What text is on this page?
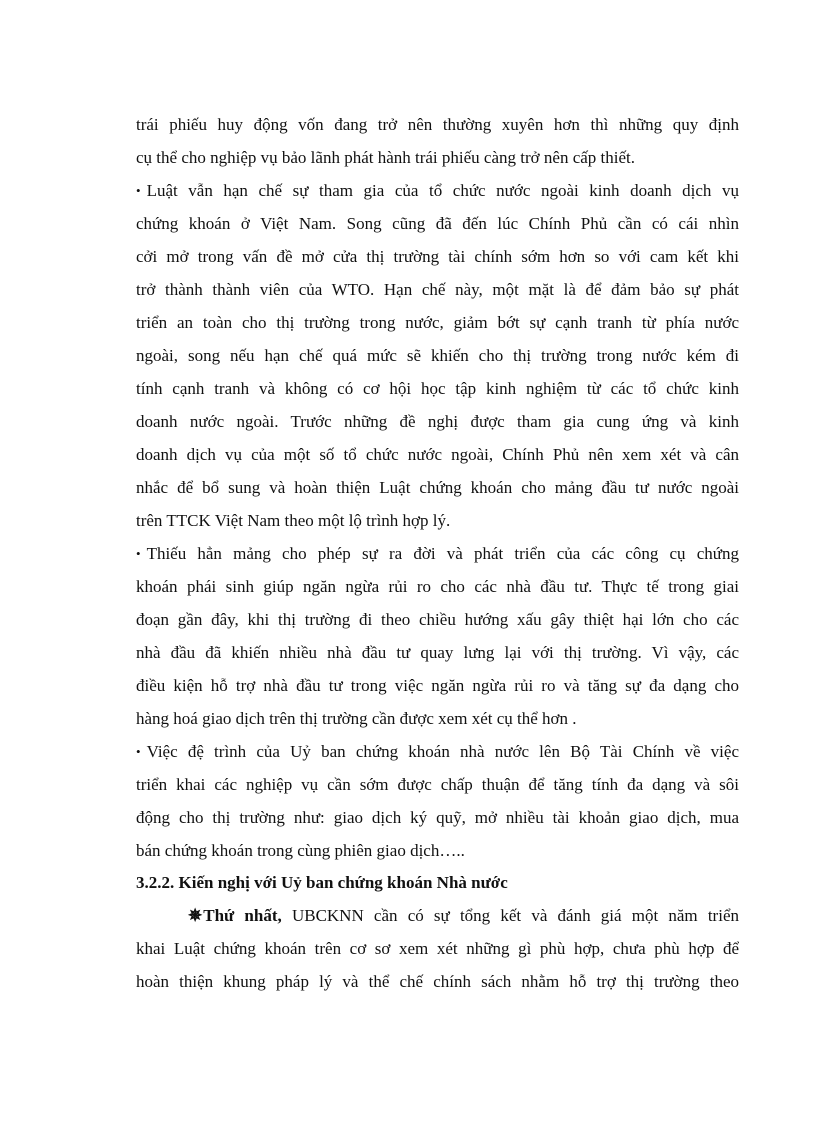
trái phiếu huy động vốn đang trở nên thường xuyên hơn thì những quy định
cụ thể cho nghiệp vụ bảo lãnh phát hành trái phiếu càng trở nên cấp thiết.
• Luật vẫn hạn chế sự tham gia của tổ chức nước ngoài kinh doanh dịch vụ
chứng khoán ở Việt Nam. Song cũng đã đến lúc Chính Phủ cần có cái nhìn
cởi mở trong vấn đề mở cửa thị trường tài chính sớm hơn so với cam kết khi
trở thành thành viên của WTO. Hạn chế này, một mặt là để đảm bảo sự phát
triển an toàn cho thị trường trong nước, giảm bớt sự cạnh tranh từ phía nước
ngoài, song nếu hạn chế quá mức sẽ khiến cho thị trường trong nước kém đi
tính cạnh tranh và không có cơ hội học tập kinh nghiệm từ các tổ chức kinh
doanh nước ngoài. Trước những đề nghị được tham gia cung ứng và kinh
doanh dịch vụ của một số tổ chức nước ngoài, Chính Phủ nên xem xét và cân
nhắc để bổ sung và hoàn thiện Luật chứng khoán cho mảng đầu tư nước ngoài
trên TTCK Việt Nam theo một lộ trình hợp lý.
• Thiếu hẳn mảng cho phép sự ra đời và phát triển của các công cụ chứng
khoán phái sinh giúp ngăn ngừa rủi ro cho các nhà đầu tư. Thực tế trong giai
đoạn gần đây, khi thị trường đi theo chiều hướng xấu gây thiệt hại lớn cho các
nhà đầu đã khiến nhiều nhà đầu tư quay lưng lại với thị trường. Vì vậy, các
điều kiện hỗ trợ nhà đầu tư trong việc ngăn ngừa rủi ro và tăng sự đa dạng cho
hàng hoá giao dịch trên thị trường cần được xem xét cụ thể hơn .
• Việc đệ trình của Uỷ ban chứng khoán nhà nước lên Bộ Tài Chính về việc
triển khai các nghiệp vụ cần sớm được chấp thuận để tăng tính đa dạng và sôi
động cho thị trường như: giao dịch ký quỹ, mở nhiều tài khoản giao dịch, mua
bán chứng khoán trong cùng phiên giao dịch…..
3.2.2. Kiến nghị với Uỷ ban chứng khoán Nhà nước
✵Thứ nhất, UBCKNN cần có sự tổng kết và đánh giá một năm triển
khai Luật chứng khoán trên cơ sơ xem xét những gì phù hợp, chưa phù hợp để
hoàn thiện khung pháp lý và thể chế chính sách nhằm hỗ trợ thị trường theo
